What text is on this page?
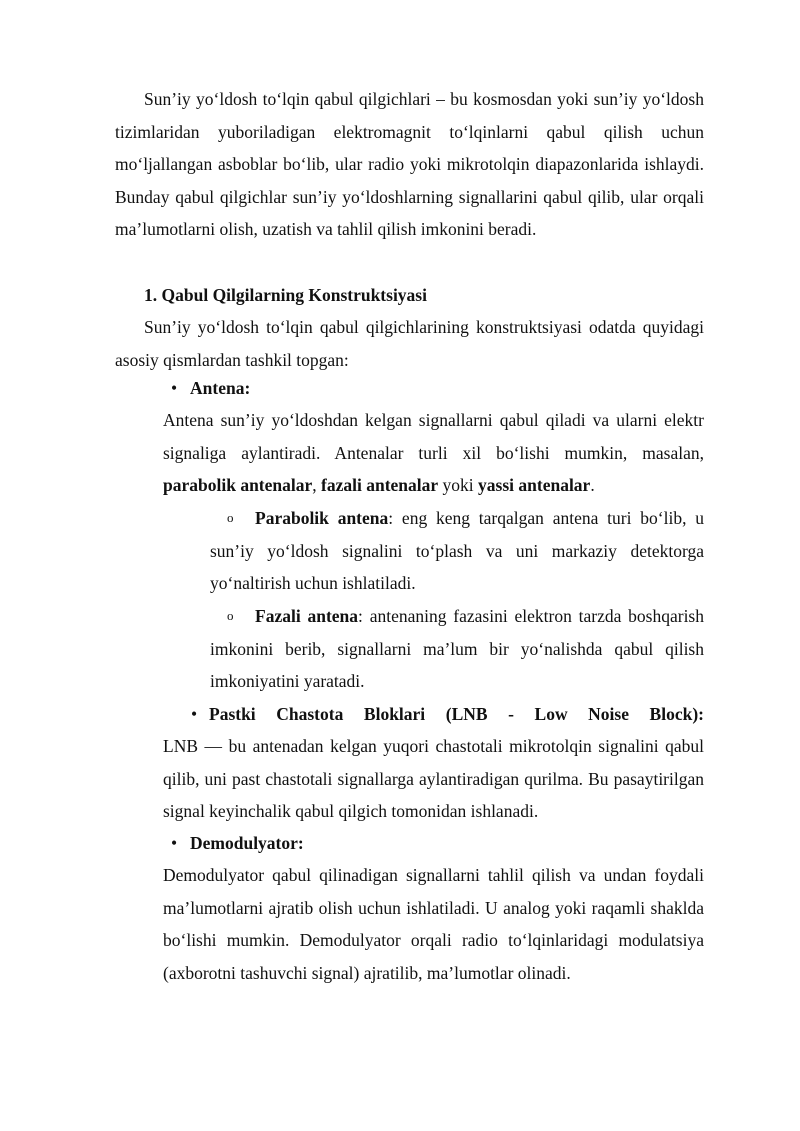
Sun’iy yo‘ldosh to‘lqin qabul qilgichlari – bu kosmosdan yoki sun’iy yo‘ldosh tizimlaridan yuboriladigan elektromagnit to‘lqinlarni qabul qilish uchun mo‘ljallangan asboblar bo‘lib, ular radio yoki mikrotolqin diapazonlarida ishlaydi. Bunday qabul qilgichlar sun’iy yo‘ldoshlarning signallarini qabul qilib, ular orqali ma’lumotlarni olish, uzatish va tahlil qilish imkonini beradi.

1. Qabul Qilgilarning Konstruktsiyasi

Sun’iy yo‘ldosh to‘lqin qabul qilgichlarining konstruktsiyasi odatda quyidagi asosiy qismlardan tashkil topgan:

• Antena:

Antena sun’iy yo‘ldoshdan kelgan signallarni qabul qiladi va ularni elektr signaliga aylantiradi. Antenalar turli xil bo‘lishi mumkin, masalan, parabolik antenalar, fazali antenalar yoki yassi antenalar.

o Parabolik antena: eng keng tarqalgan antena turi bo‘lib, u sun’iy yo‘ldosh signalini to‘plash va uni markaziy detektorga yo‘naltirish uchun ishlatiladi.

o Fazali antena: antenaning fazasini elektron tarzda boshqarish imkonini berib, signallarni ma’lum bir yo‘nalishda qabul qilish imkoniyatini yaratadi.

• Pastki Chastota Bloklari (LNB - Low Noise Block):

LNB — bu antenadan kelgan yuqori chastotali mikrotolqin signalini qabul qilib, uni past chastotali signallarga aylantiradigan qurilma. Bu pasaytirilgan signal keyinchalik qabul qilgich tomonidan ishlanadi.

• Demodulyator:

Demodulyator qabul qilinadigan signallarni tahlil qilish va undan foydali ma’lumotlarni ajratib olish uchun ishlatiladi. U analog yoki raqamli shaklda bo‘lishi mumkin. Demodulyator orqali radio to‘lqinlaridagi modulatsiya (axborotni tashuvchi signal) ajratilib, ma’lumotlar olinadi.
